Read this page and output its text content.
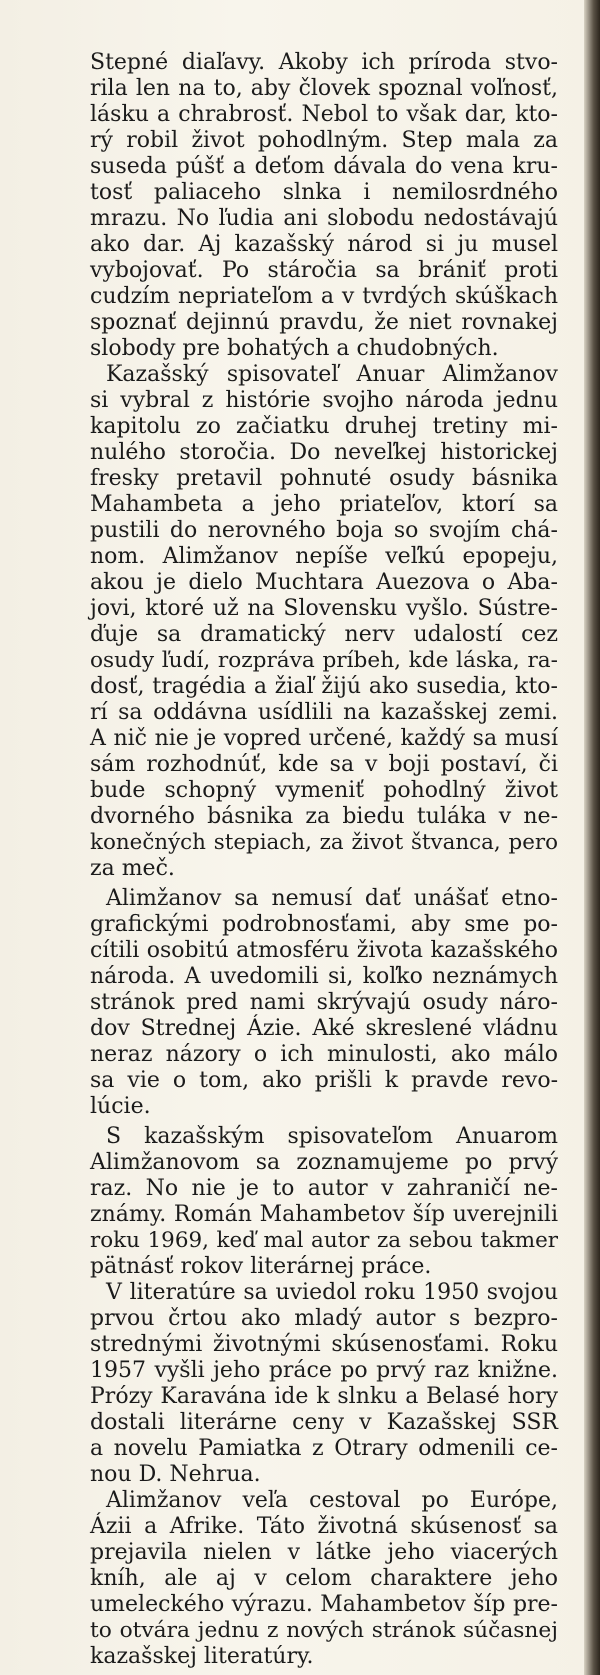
Stepné diaľavy. Akoby ich príroda stvo-
rila len na to, aby človek spoznal voľnosť,
lásku a chrabrosť. Nebol to však dar, kto-
rý robil život pohodlným. Step mala za
suseda púšť a deťom dávala do vena kru-
tosť paliaceho slnka i nemilosrdného
mrazu. No ľudia ani slobodu nedostávajú
ako dar. Aj kazašský národ si ju musel
vybojovať. Po stáročia sa brániť proti
cudzím nepriateľom a v tvrdých skúškach
spoznať dejinnú pravdu, že niet rovnakej
slobody pre bohatých a chudobných.
Kazašský spisovateľ Anuar Alimžanov
si vybral z histórie svojho národa jednu
kapitolu zo začiatku druhej tretiny mi-
nulého storočia. Do neveľkej historickej
fresky pretavil pohnuté osudy básnika
Mahambeta a jeho priateľov, ktorí sa
pustili do nerovného boja so svojím chá-
nom. Alimžanov nepíše veľkú epopeju,
akou je dielo Muchtara Auezova o Aba-
jovi, ktoré už na Slovensku vyšlo. Sústre-
ďuje sa dramatický nerv udalostí cez
osudy ľudí, rozpráva príbeh, kde láska, ra-
dosť, tragédia a žiaľ žijú ako susedia, kto-
rí sa oddávna usídlili na kazašskej zemi.
A nič nie je vopred určené, každý sa musí
sám rozhodnúť, kde sa v boji postaví, či
bude schopný vymeniť pohodlný život
dvorného básnika za biedu tuláka v ne-
konečných stepiach, za život štvanca, pero
za meč.
Alimžanov sa nemusí dať unášať etno-
grafickými podrobnosťami, aby sme po-
cítili osobitú atmosféru života kazašského
národa. A uvedomili si, koľko neznámych
stránok pred nami skrývajú osudy náro-
dov Strednej Ázie. Aké skreslené vládnu
neraz názory o ich minulosti, ako málo
sa vie o tom, ako prišli k pravde revo-
lúcie.
S kazašským spisovateľom Anuarom
Alimžanovom sa zoznamujeme po prvý
raz. No nie je to autor v zahraničí ne-
známy. Román Mahambetov šíp uverejnili
roku 1969, keď mal autor za sebou takmer
pätnásť rokov literárnej práce.
V literatúre sa uviedol roku 1950 svojou
prvou črtou ako mladý autor s bezpro-
strednými životnými skúsenosťami. Roku
1957 vyšli jeho práce po prvý raz knižne.
Prózy Karavána ide k slnku a Belasé hory
dostali literárne ceny v Kazašskej SSR
a novelu Pamiatka z Otrary odmenili ce-
nou D. Nehrua.
Alimžanov veľa cestoval po Európe,
Ázii a Afrike. Táto životná skúsenosť sa
prejavila nielen v látke jeho viacerých
kníh, ale aj v celom charaktere jeho
umeleckého výrazu. Mahambetov šíp pre-
to otvára jednu z nových stránok súčasnej
kazašskej literatúry.
